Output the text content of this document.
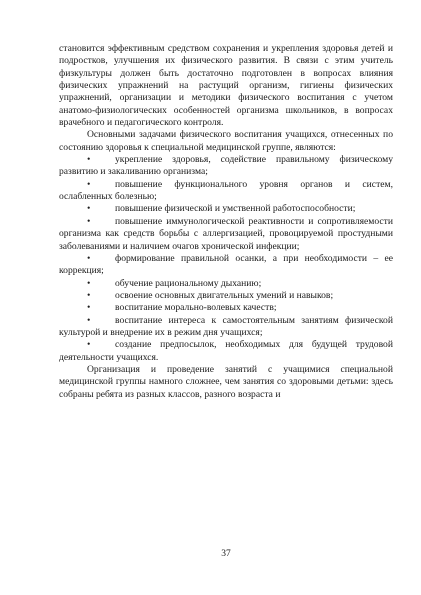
становится эффективным средством сохранения и укрепления здоровья детей и подростков, улучшения их физического развития. В связи с этим учитель физкультуры должен быть достаточно подготовлен в вопросах влияния физических упражнений на растущий организм, гигиены физических упражнений, организации и методики физического воспитания с учетом анатомо-физиологических особенностей организма школьников, в вопросах врачебного и педагогического контроля.

Основными задачами физического воспитания учащихся, отнесенных по состоянию здоровья к специальной медицинской группе, являются:

•	укрепление здоровья, содействие правильному физическому развитию и закаливанию организма;

•	повышение функционального уровня органов и систем, ослабленных болезнью;

•	повышение физической и умственной работоспособности;

•	повышение иммунологической реактивности и сопротивляемости организма как средств борьбы с аллергизацией, провоцируемой простудными заболеваниями и наличием очагов хронической инфекции;

•	формирование правильной осанки, а при необходимости – ее коррекция;

•	обучение рациональному дыханию;

•	освоение основных двигательных умений и навыков;

•	воспитание морально-волевых качеств;

•	воспитание интереса к самостоятельным занятиям физической культурой и внедрение их в режим дня учащихся;

•	создание предпосылок, необходимых для будущей трудовой деятельности учащихся.

Организация и проведение занятий с учащимися специальной медицинской группы намного сложнее, чем занятия со здоровыми детьми: здесь собраны ребята из разных классов, разного возраста и

37
